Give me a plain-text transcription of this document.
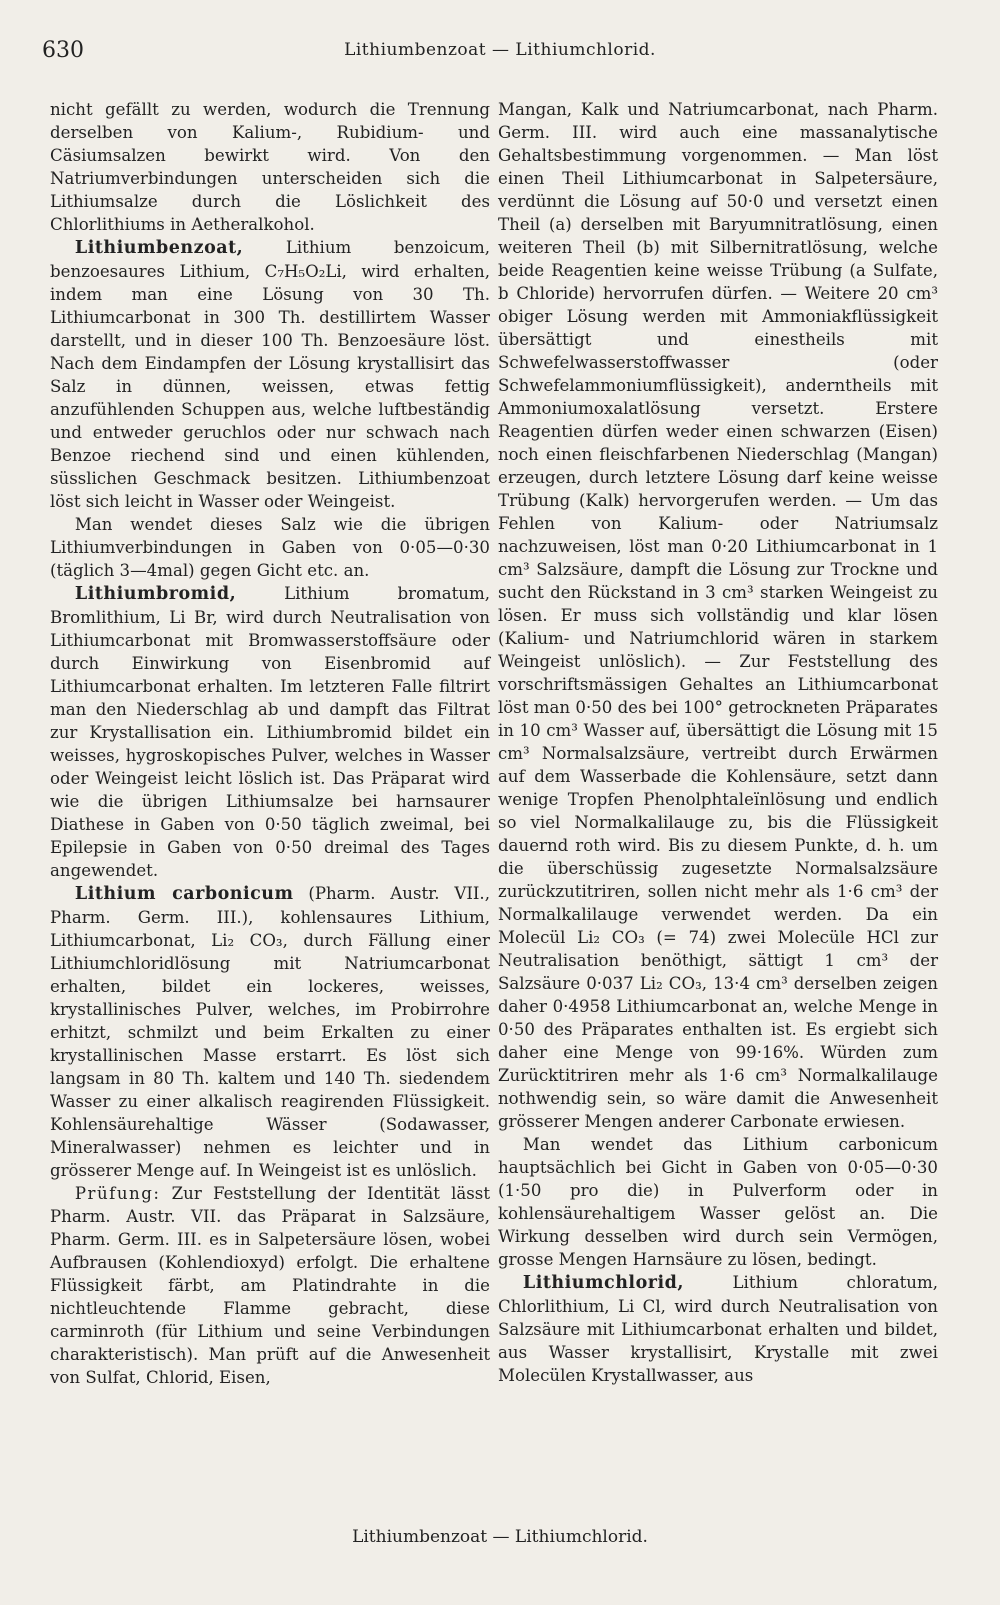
630	Lithiumbenzoat — Lithiumchlorid.

nicht gefällt zu werden, wodurch die Trennung derselben von Kalium-, Rubidium- und Cäsiumsalzen bewirkt wird. Von den Natriumverbindungen unterscheiden sich die Lithiumsalze durch die Löslichkeit des Chlorlithiums in Aetheralkohol.

Lithiumbenzoat, Lithium benzoicum, benzoesaures Lithium, C₇H₅O₂Li, wird erhalten, indem man eine Lösung von 30 Th. Lithiumcarbonat in 300 Th. destillirtem Wasser darstellt, und in dieser 100 Th. Benzoesäure löst. Nach dem Eindampfen der Lösung krystallisirt das Salz in dünnen, weissen, etwas fettig anzufühlenden Schuppen aus, welche luftbeständig und entweder geruchlos oder nur schwach nach Benzoe riechend sind und einen kühlenden, süsslichen Geschmack besitzen. Lithiumbenzoat löst sich leicht in Wasser oder Weingeist.

Man wendet dieses Salz wie die übrigen Lithiumverbindungen in Gaben von 0·05—0·30 (täglich 3—4mal) gegen Gicht etc. an.

Lithiumbromid, Lithium bromatum, Bromlithium, Li Br, wird durch Neutralisation von Lithiumcarbonat mit Bromwasserstoffsäure oder durch Einwirkung von Eisenbromid auf Lithiumcarbonat erhalten. Im letzteren Falle filtrirt man den Niederschlag ab und dampft das Filtrat zur Krystallisation ein. Lithiumbromid bildet ein weisses, hygroskopisches Pulver, welches in Wasser oder Weingeist leicht löslich ist. Das Präparat wird wie die übrigen Lithiumsalze bei harnsaurer Diathese in Gaben von 0·50 täglich zweimal, bei Epilepsie in Gaben von 0·50 dreimal des Tages angewendet.

Lithium carbonicum (Pharm. Austr. VII., Pharm. Germ. III.), kohlensaures Lithium, Lithiumcarbonat, Li₂ CO₃, durch Fällung einer Lithiumchloridlösung mit Natriumcarbonat erhalten, bildet ein lockeres, weisses, krystallinisches Pulver, welches, im Probirrohre erhitzt, schmilzt und beim Erkalten zu einer krystallinischen Masse erstarrt. Es löst sich langsam in 80 Th. kaltem und 140 Th. siedendem Wasser zu einer alkalisch reagirenden Flüssigkeit. Kohlensäurehaltige Wässer (Sodawasser, Mineralwasser) nehmen es leichter und in grösserer Menge auf. In Weingeist ist es unlöslich.

Prüfung: Zur Feststellung der Identität lässt Pharm. Austr. VII. das Präparat in Salzsäure, Pharm. Germ. III. es in Salpetersäure lösen, wobei Aufbrausen (Kohlendioxyd) erfolgt. Die erhaltene Flüssigkeit färbt, am Platindrahte in die nichtleuchtende Flamme gebracht, diese carminroth (für Lithium und seine Verbindungen charakteristisch). Man prüft auf die Anwesenheit von Sulfat, Chlorid, Eisen,

Mangan, Kalk und Natriumcarbonat, nach Pharm. Germ. III. wird auch eine massanalytische Gehaltsbestimmung vorgenommen. — Man löst einen Theil Lithiumcarbonat in Salpetersäure, verdünnt die Lösung auf 50·0 und versetzt einen Theil (a) derselben mit Baryumnitratlösung, einen weiteren Theil (b) mit Silbernitratlösung, welche beide Reagentien keine weisse Trübung (a Sulfate, b Chloride) hervorrufen dürfen. — Weitere 20 cm³ obiger Lösung werden mit Ammoniakflüssigkeit übersättigt und einestheils mit Schwefelwasserstoffwasser (oder Schwefelammoniumflüssigkeit), anderntheils mit Ammoniumoxalatlösung versetzt. Erstere Reagentien dürfen weder einen schwarzen (Eisen) noch einen fleischfarbenen Niederschlag (Mangan) erzeugen, durch letztere Lösung darf keine weisse Trübung (Kalk) hervorgerufen werden. — Um das Fehlen von Kalium- oder Natriumsalz nachzuweisen, löst man 0·20 Lithiumcarbonat in 1 cm³ Salzsäure, dampft die Lösung zur Trockne und sucht den Rückstand in 3 cm³ starken Weingeist zu lösen. Er muss sich vollständig und klar lösen (Kalium- und Natriumchlorid wären in starkem Weingeist unlöslich). — Zur Feststellung des vorschriftsmässigen Gehaltes an Lithiumcarbonat löst man 0·50 des bei 100° getrockneten Präparates in 10 cm³ Wasser auf, übersättigt die Lösung mit 15 cm³ Normalsalzsäure, vertreibt durch Erwärmen auf dem Wasserbade die Kohlensäure, setzt dann wenige Tropfen Phenolphtaleïnlösung und endlich so viel Normalkalilauge zu, bis die Flüssigkeit dauernd roth wird. Bis zu diesem Punkte, d. h. um die überschüssig zugesetzte Normalsalzsäure zurückzutitriren, sollen nicht mehr als 1·6 cm³ der Normalkalilauge verwendet werden. Da ein Molecül Li₂ CO₃ (= 74) zwei Molecüle HCl zur Neutralisation benöthigt, sättigt 1 cm³ der Salzsäure 0·037 Li₂ CO₃, 13·4 cm³ derselben zeigen daher 0·4958 Lithiumcarbonat an, welche Menge in 0·50 des Präparates enthalten ist. Es ergiebt sich daher eine Menge von 99·16%. Würden zum Zurücktitriren mehr als 1·6 cm³ Normalkalilauge nothwendig sein, so wäre damit die Anwesenheit grösserer Mengen anderer Carbonate erwiesen.

Man wendet das Lithium carbonicum hauptsächlich bei Gicht in Gaben von 0·05—0·30 (1·50 pro die) in Pulverform oder in kohlensäurehaltigem Wasser gelöst an. Die Wirkung desselben wird durch sein Vermögen, grosse Mengen Harnsäure zu lösen, bedingt.

Lithiumchlorid, Lithium chloratum, Chlorlithium, Li Cl, wird durch Neutralisation von Salzsäure mit Lithiumcarbonat erhalten und bildet, aus Wasser krystallisirt, Krystalle mit zwei Molecülen Krystallwasser, aus

Lithiumbenzoat — Lithiumchlorid.
